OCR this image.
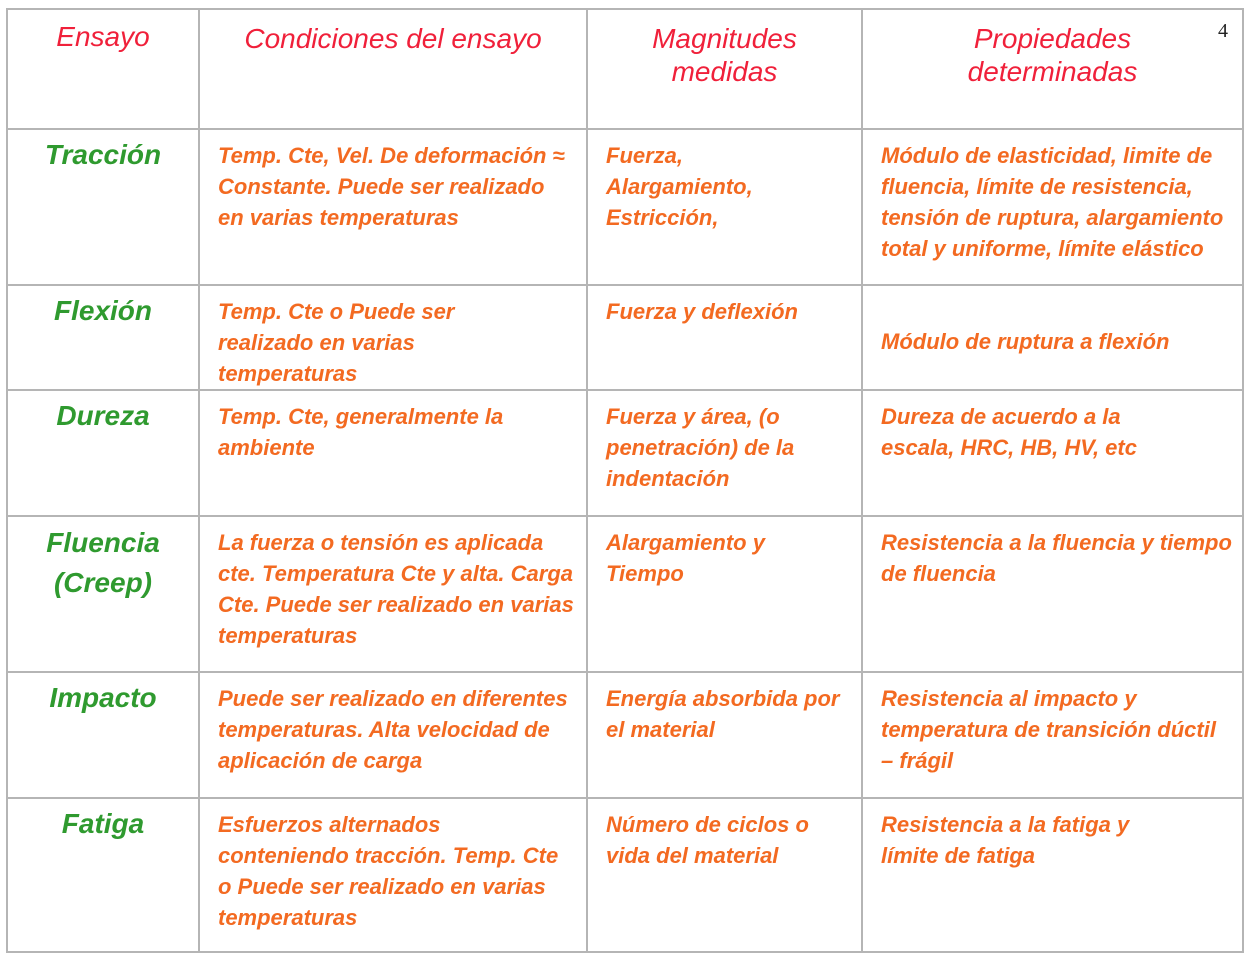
4
Ensayo	Condiciones del ensayo	Magnitudes medidas	Propiedades determinadas
Tracción	Temp. Cte, Vel. De deformación ≈ Constante. Puede ser realizado en varias temperaturas	Fuerza, Alargamiento, Estricción,	Módulo de elasticidad, limite de fluencia, límite de resistencia, tensión de ruptura, alargamiento total y uniforme, límite elástico

Flexión	Temp. Cte o Puede ser realizado en varias temperaturas	Fuerza y deflexión	Módulo de ruptura a flexión

Dureza	Temp. Cte, generalmente la ambiente	Fuerza y área, (o penetración) de la indentación	Dureza de acuerdo a la escala, HRC, HB, HV, etc

Fluencia (Creep)	La fuerza o tensión es aplicada cte. Temperatura Cte y alta. Carga Cte. Puede ser realizado en varias temperaturas	Alargamiento y Tiempo	Resistencia a la fluencia y tiempo de fluencia

Impacto	Puede ser realizado en diferentes temperaturas. Alta velocidad de aplicación de carga	Energía absorbida por el material	Resistencia al impacto y temperatura de transición dúctil – frágil

Fatiga	Esfuerzos alternados conteniendo tracción. Temp. Cte o Puede ser realizado en varias temperaturas	Número de ciclos o vida del material	Resistencia a la fatiga y límite de fatiga
